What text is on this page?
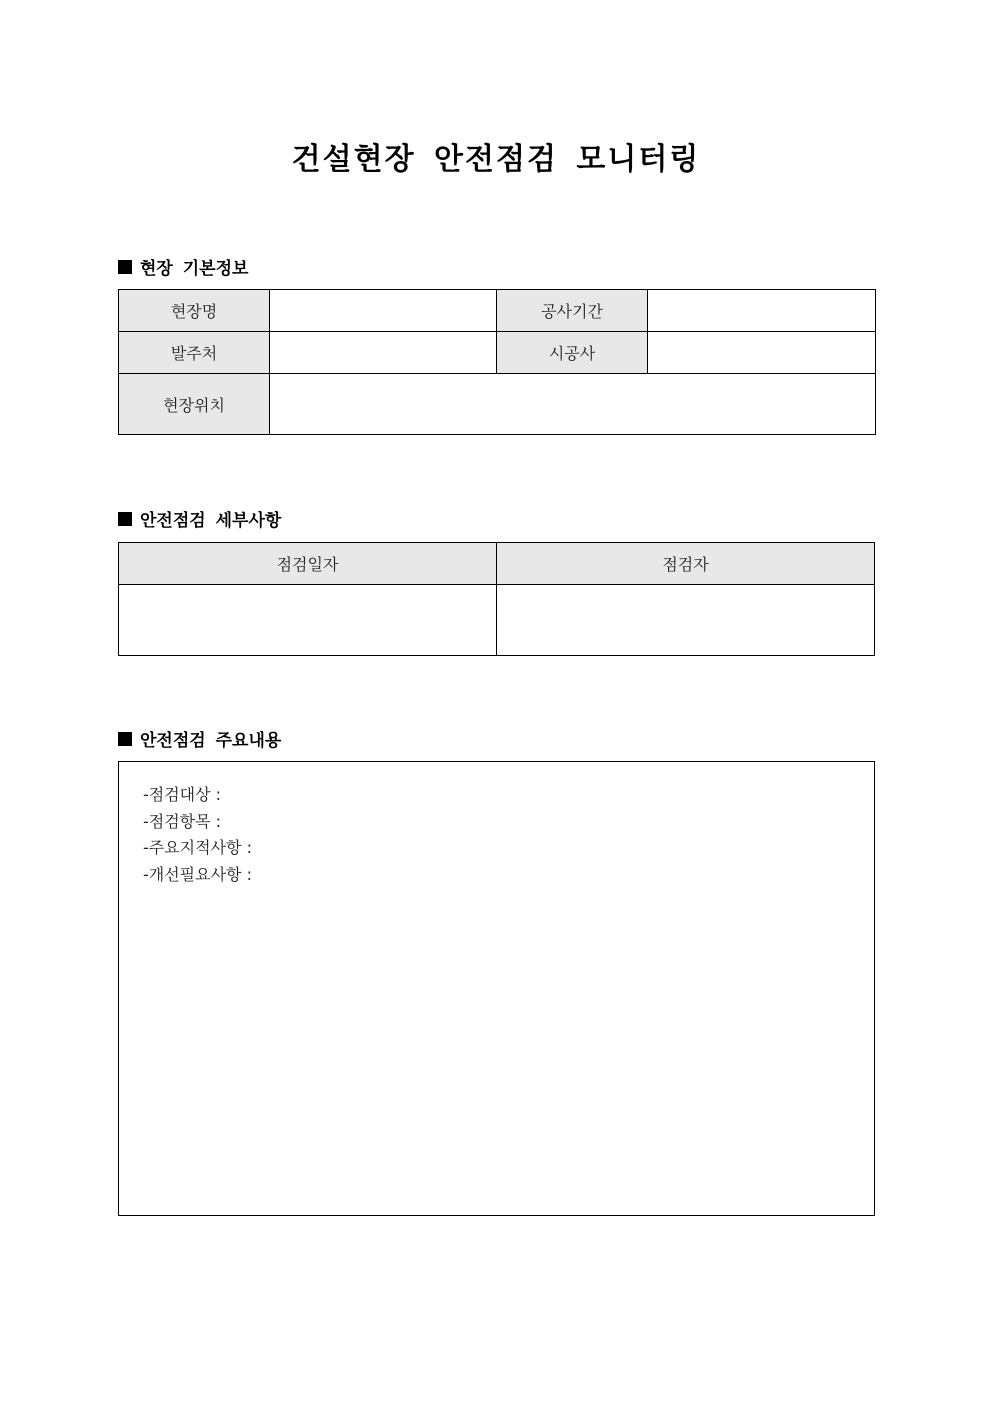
건설현장 안전점검 모니터링
현장 기본정보
현장명		공사기간	
발주처		시공사	
현장위치			
안전점검 세부사항
점검일자	점검자

안전점검 주요내용
-점검대상 :
-점검항목 :
-주요지적사항 :
-개선필요사항 :
